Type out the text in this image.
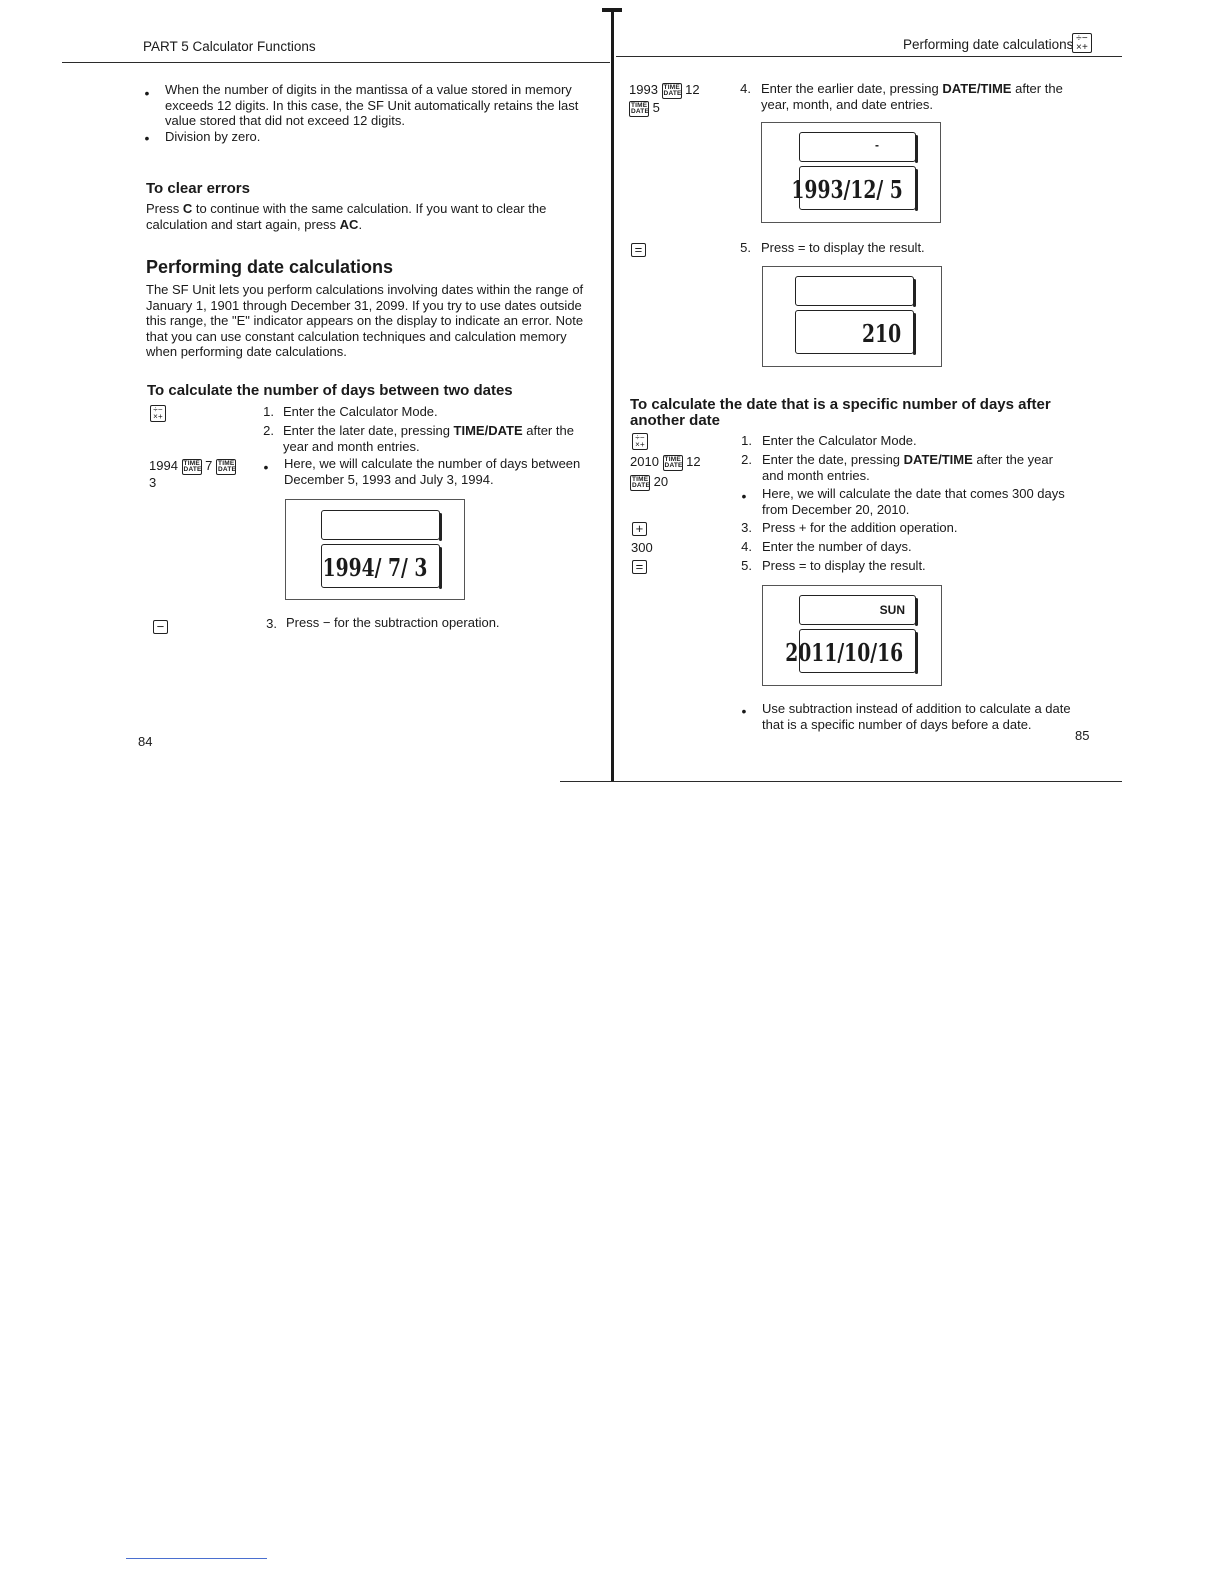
PART 5 Calculator Functions
• When the number of digits in the mantissa of a value stored in memory exceeds 12 digits. In this case, the SF Unit automatically retains the last value stored that did not exceed 12 digits.
• Division by zero.
To clear errors
Press C to continue with the same calculation. If you want to clear the calculation and start again, press AC.
Performing date calculations
The SF Unit lets you perform calculations involving dates within the range of January 1, 1901 through December 31, 2099. If you try to use dates outside this range, the "E" indicator appears on the display to indicate an error. Note that you can use constant calculation techniques and calculation memory when performing date calculations.
To calculate the number of days between two dates
÷−
×+	1. Enter the Calculator Mode.
2. Enter the later date, pressing TIME/DATE after the year and month entries.
1994 TIME DATE 7 TIME DATE
3
• Here, we will calculate the number of days between December 5, 1993 and July 3, 1994.
1994/ 7/ 3
−	3. Press − for the subtraction operation.
84
Performing date calculations ÷−
×+
1993 TIME DATE 12
TIME DATE 5
4. Enter the earlier date, pressing DATE/TIME after the year, month, and date entries.
-
1993/12/ 5
=	5. Press = to display the result.
210
To calculate the date that is a specific number of days after another date
÷−
×+	1. Enter the Calculator Mode.
2010 TIME DATE 12
TIME DATE 20
2. Enter the date, pressing DATE/TIME after the year and month entries.
• Here, we will calculate the date that comes 300 days from December 20, 2010.
+	3. Press + for the addition operation.
300	4. Enter the number of days.
=	5. Press = to display the result.
SUN
2011/10/16
• Use subtraction instead of addition to calculate a date that is a specific number of days before a date.
85
